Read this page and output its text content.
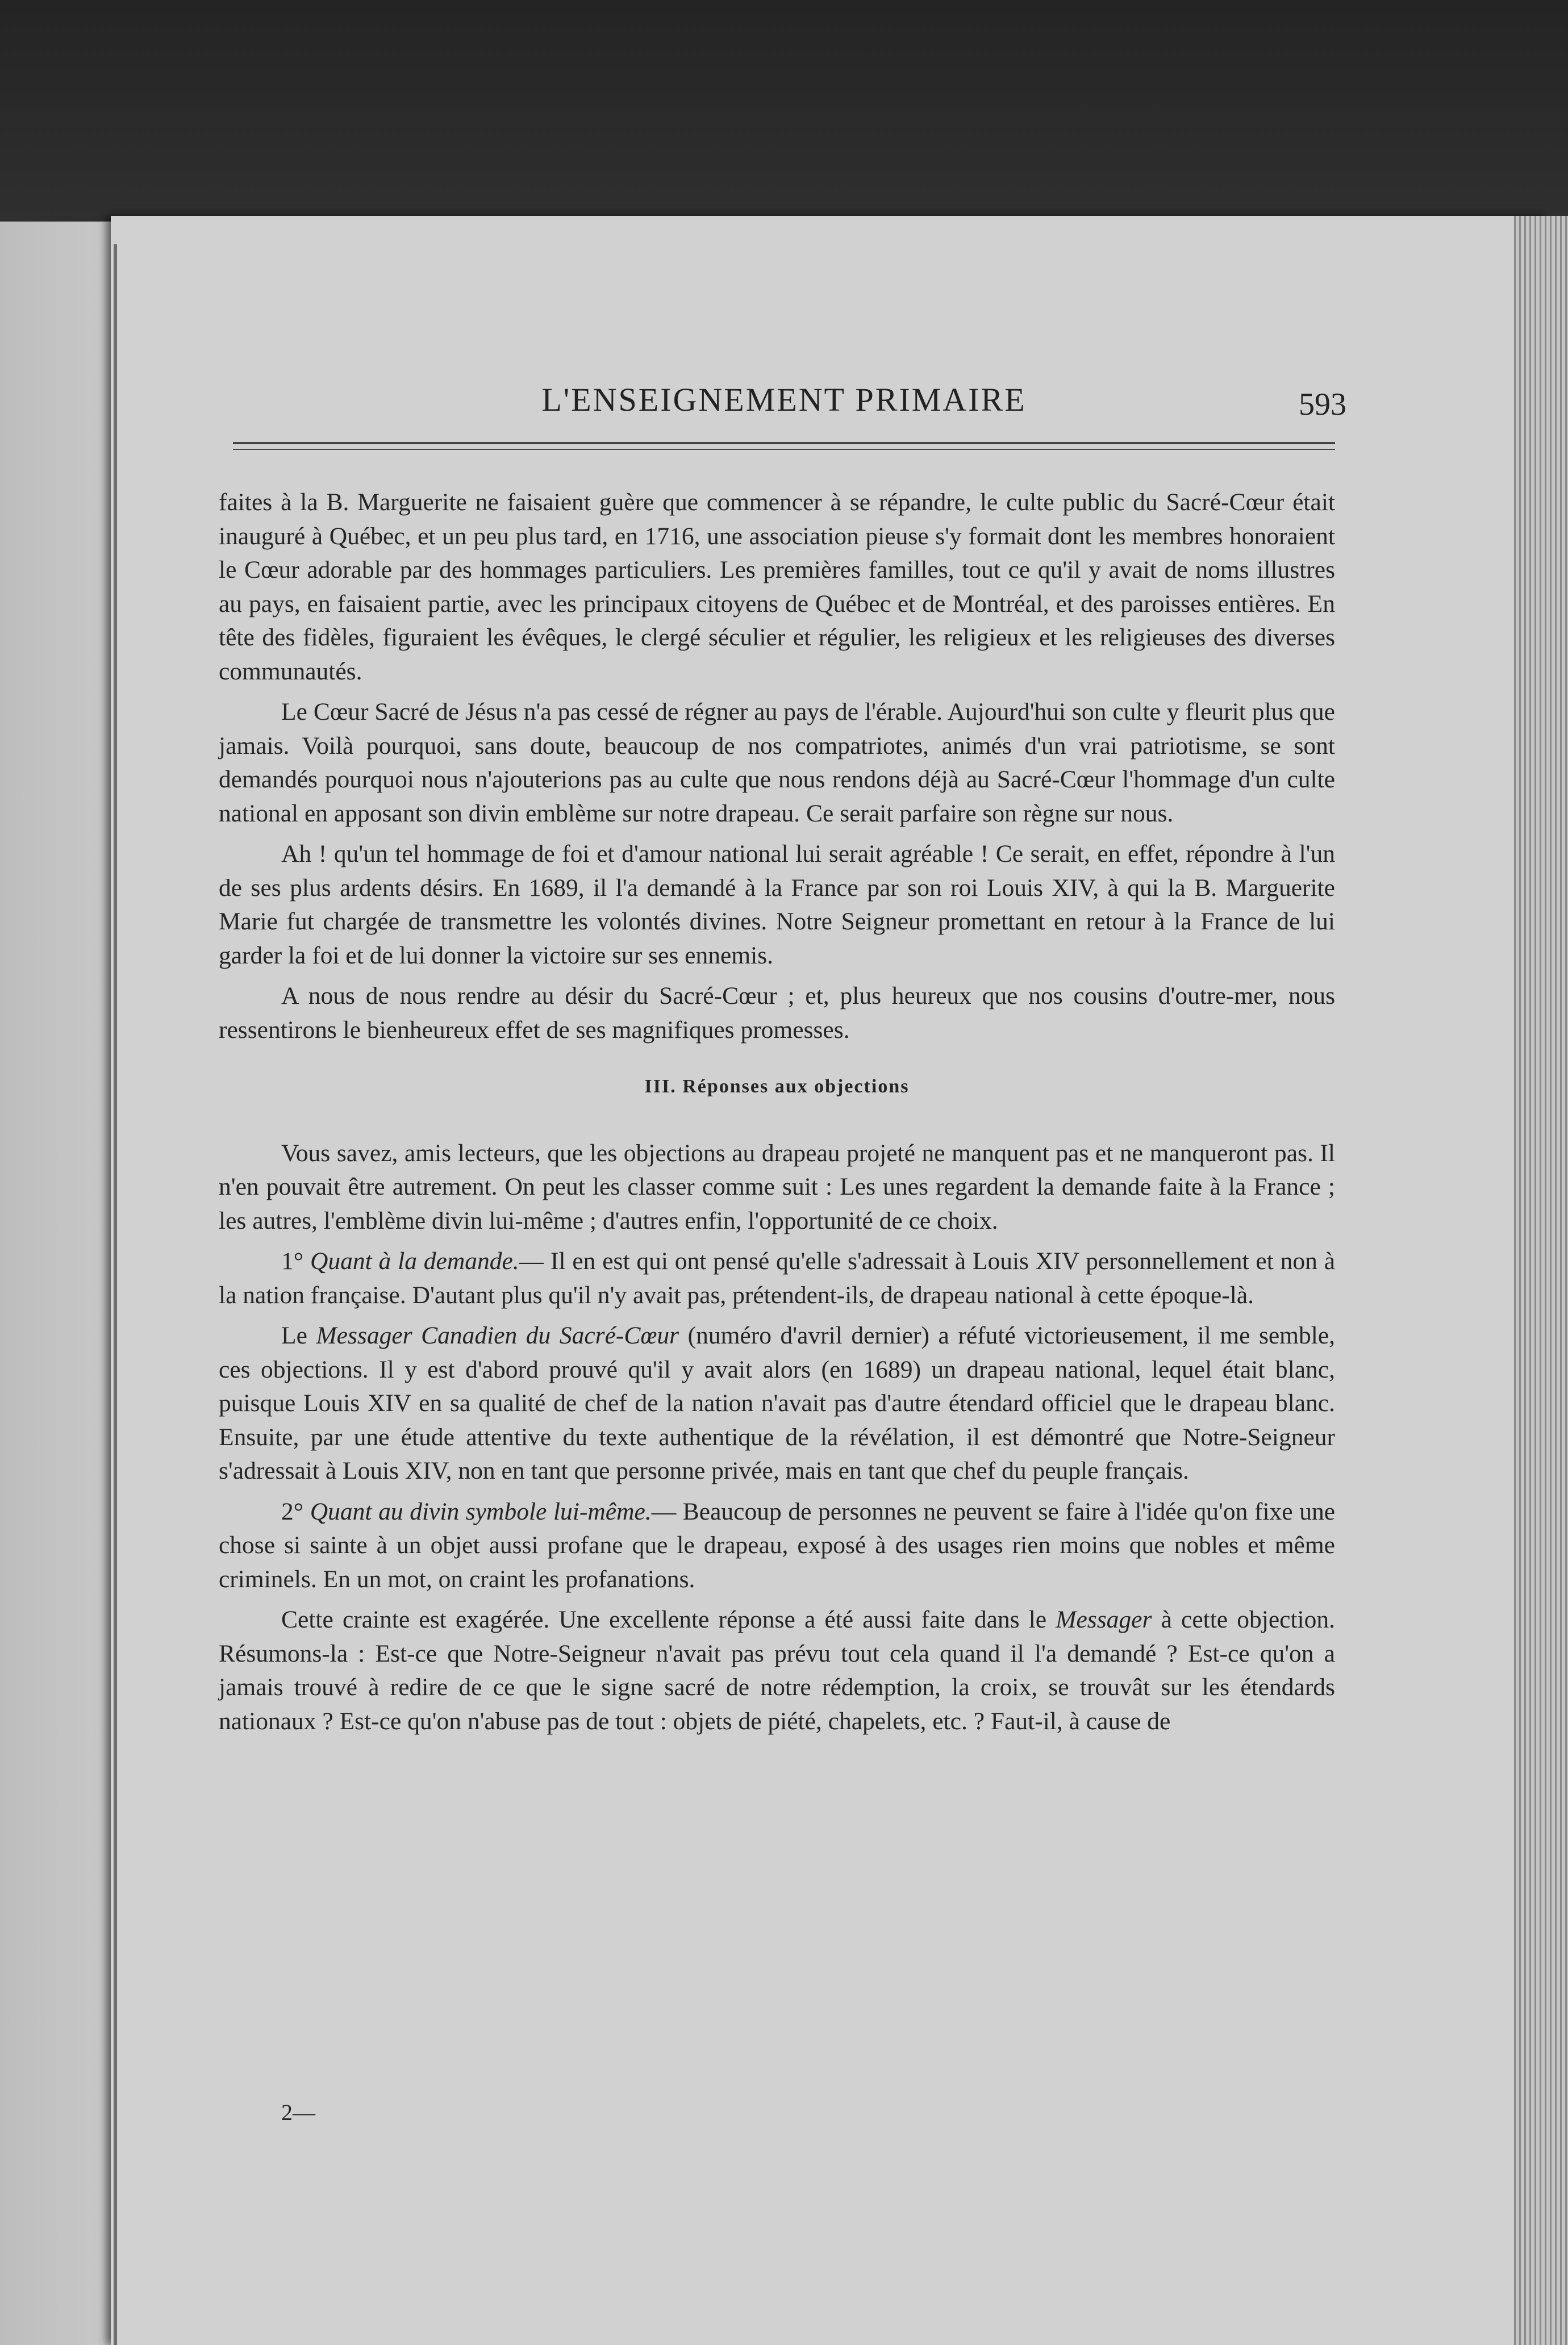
L'ENSEIGNEMENT PRIMAIRE	593

faites à la B. Marguerite ne faisaient guère que commencer à se répandre, le culte public du Sacré-Cœur était inauguré à Québec, et un peu plus tard, en 1716, une association pieuse s'y formait dont les membres honoraient le Cœur adorable par des hommages particuliers. Les premières familles, tout ce qu'il y avait de noms illustres au pays, en faisaient partie, avec les principaux citoyens de Québec et de Montréal, et des paroisses entières. En tête des fidèles, figuraient les évêques, le clergé séculier et régulier, les religieux et les religieuses des diverses communautés.

Le Cœur Sacré de Jésus n'a pas cessé de régner au pays de l'érable. Aujourd'hui son culte y fleurit plus que jamais. Voilà pourquoi, sans doute, beaucoup de nos compatriotes, animés d'un vrai patriotisme, se sont demandés pourquoi nous n'ajouterions pas au culte que nous rendons déjà au Sacré-Cœur l'hommage d'un culte national en apposant son divin emblème sur notre drapeau. Ce serait parfaire son règne sur nous.

Ah ! qu'un tel hommage de foi et d'amour national lui serait agréable ! Ce serait, en effet, répondre à l'un de ses plus ardents désirs. En 1689, il l'a demandé à la France par son roi Louis XIV, à qui la B. Marguerite Marie fut chargée de transmettre les volontés divines. Notre Seigneur promettant en retour à la France de lui garder la foi et de lui donner la victoire sur ses ennemis.

A nous de nous rendre au désir du Sacré-Cœur ; et, plus heureux que nos cousins d'outre-mer, nous ressentirons le bienheureux effet de ses magnifiques promesses.

III. Réponses aux objections

Vous savez, amis lecteurs, que les objections au drapeau projeté ne manquent pas et ne manqueront pas. Il n'en pouvait être autrement. On peut les classer comme suit : Les unes regardent la demande faite à la France ; les autres, l'emblème divin lui-même ; d'autres enfin, l'opportunité de ce choix.

1° Quant à la demande.— Il en est qui ont pensé qu'elle s'adressait à Louis XIV personnellement et non à la nation française. D'autant plus qu'il n'y avait pas, prétendent-ils, de drapeau national à cette époque-là.

Le Messager Canadien du Sacré-Cœur (numéro d'avril dernier) a réfuté victorieusement, il me semble, ces objections. Il y est d'abord prouvé qu'il y avait alors (en 1689) un drapeau national, lequel était blanc, puisque Louis XIV en sa qualité de chef de la nation n'avait pas d'autre étendard officiel que le drapeau blanc. Ensuite, par une étude attentive du texte authentique de la révélation, il est démontré que Notre-Seigneur s'adressait à Louis XIV, non en tant que personne privée, mais en tant que chef du peuple français.

2° Quant au divin symbole lui-même.— Beaucoup de personnes ne peuvent se faire à l'idée qu'on fixe une chose si sainte à un objet aussi profane que le drapeau, exposé à des usages rien moins que nobles et même criminels. En un mot, on craint les profanations.

Cette crainte est exagérée. Une excellente réponse a été aussi faite dans le Messager à cette objection. Résumons-la : Est-ce que Notre-Seigneur n'avait pas prévu tout cela quand il l'a demandé ? Est-ce qu'on a jamais trouvé à redire de ce que le signe sacré de notre rédemption, la croix, se trouvât sur les étendards nationaux ? Est-ce qu'on n'abuse pas de tout : objets de piété, chapelets, etc. ? Faut-il, à cause de

2—
